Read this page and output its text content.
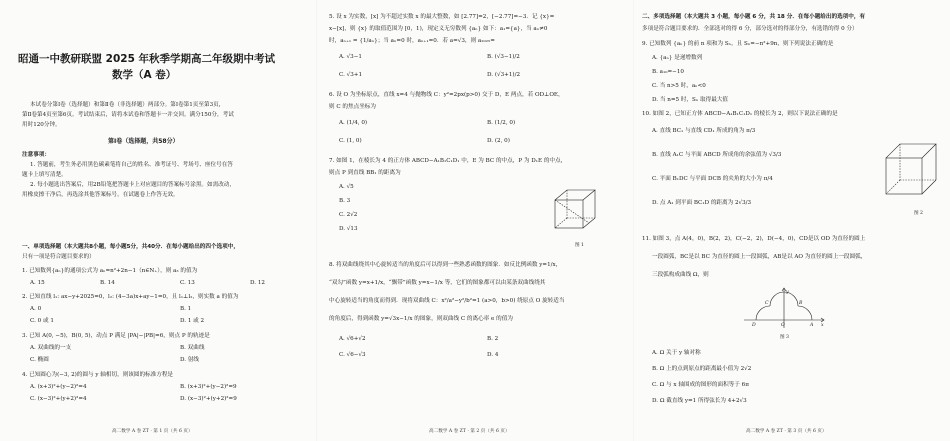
昭通一中教研联盟 2025 年秋季学期高二年级期中考试
数学（A 卷）
本试卷分第Ⅰ卷（选择题）和第Ⅱ卷（非选择题）两部分。第Ⅰ卷第1页至第3页，
第Ⅱ卷第4页至第6页。考试结束后，请将本试卷和答题卡一并交回。满分150分，考试
用时120分钟。
第Ⅰ卷（选择题，共58分）
注意事项：
1. 答题前，考生务必用黑色碳素笔将自己的姓名、准考证号、考场号、座位号在答
题卡上填写清楚。
2. 每小题选出答案后，用2B铅笔把答题卡上对应题目的答案标号涂黑。如需改动，
用橡皮擦干净后，再选涂其他答案标号。在试题卷上作答无效。
一、单项选择题（本大题共8小题，每小题5分，共40分．在每小题给出的四个选项中，
只有一项是符合题目要求的）
1. 已知数列{aₙ}的通项公式为 aₙ=n²+2n−1（n∈N₊），则 a₃ 的值为
A. 15	B. 14	C. 13	D. 12
2. 已知直线 l₁: ax−y+2025=0，l₂: (4−3a)x+ay−1=0，且 l₁⊥l₂，则实数 a 的值为
A. 0	B. 1
C. 0 或 1	D. 1 或 2
3. 已知 A(0, −5)，B(0, 5)，动点 P 满足 |PA|−|PB|=6，则点 P 的轨迹是
A. 双曲线的一支	B. 双曲线
C. 椭圆	D. 射线
4. 已知圆心为(−3, 2)的圆与 y 轴相切，则该圆的标准方程是
A. (x+3)²+(y−2)²=4	B. (x+3)²+(y−2)²=9
C. (x−3)²+(y+2)²=4	D. (x−3)²+(y+2)²=9
高二数学 A 卷 ZT · 第 1 页（共 6 页）
5. 设 x 为实数，[x] 为不超过实数 x 的最大整数，如 [2.77]=2，[−2.77]=−3．记 {x}=
x−[x]，则 {x} 的取值范围为 [0，1)，现定义无穷数列 {aₙ} 如下：a₁={a}，当 aₙ≠0
时，aₙ₊₁ = {1/aₙ}；当 aₙ=0 时，aₙ₊₁=0．若 a=√3，则 a₂₀₂₅=
A. √3−1	B. (√3−1)/2
C. √3+1	D. (√3+1)/2
6. 设 O 为坐标原点，直线 x=4 与抛物线 C：y²=2px(p>0) 交于 D，E 两点，若 OD⊥OE，
则 C 的焦点坐标为
A. (1/4, 0)	B. (1/2, 0)
C. (1, 0)	D. (2, 0)
7. 如图 1，在棱长为 4 的正方体 ABCD−A₁B₁C₁D₁ 中，E 为 BC 的中点，P 为 D₁E 的中点，
则点 P 到直线 BB₁ 的距离为
A. √5
B. 3
C. 2√2
D. √13
图 1
8. 将双曲线绕其中心旋转适当的角度后可以得到一些熟悉函数的图象．如反比例函数 y=1/x，
“双勾”函数 y=x+1/x，“飘带”函数 y=x−1/x 等，它们的图象都可以由某条双曲线绕其
中心旋转适当的角度而得到．现将双曲线 C：x²/a²−y²/b²=1 (a>0，b>0) 绕原点 O 旋转适当
的角度后，得到函数 y=√3x−1/x 的图象，则双曲线 C 的离心率 e 的值为
A. √6+√2	B. 2
C. √6−√3	D. 4
高二数学 A 卷 ZT · 第 2 页（共 6 页）
二、多项选择题（本大题共 3 小题，每小题 6 分，共 18 分．在每小题给出的选项中，有
多项是符合题目要求的．全部选对的得 6 分，部分选对的得部分分，有选错的得 0 分）
9. 已知数列 {aₙ} 的前 n 项和为 Sₙ，且 Sₙ=−n²+9n，则下列说法正确的是
A. {aₙ} 是递增数列
B. a₁₀=−10
C. 当 n>5 时，aₙ<0
D. 当 n=5 时，Sₙ 取得最大值
10. 如图 2，已知正方体 ABCD−A₁B₁C₁D₁ 的棱长为 2，则以下说法正确的是
A. 直线 BC₁ 与直线 CD₁ 所成的角为 π/3
B. 直线 A₁C 与平面 ABCD 所成角的余弦值为 √3/3
C. 平面 B₁DC 与平面 DCB 的夹角的大小为 π/4
D. 点 A₁ 到平面 BC₁D 的距离为 2√3/3
图 2
11. 如图 3，点 A(4，0)，B(2，2)，C(−2，2)，D(−4，0)，CD是以 OD 为直径的圆上
一段圆弧，BC是以 BC 为直径的圆上一段圆弧，AB是以 AO 为直径的圆上一段圆弧，
三段弧构成曲线 Ω，则
y
D	O	A x
C	B
图 3
A. Ω 关于 y 轴对称
B. Ω 上的点到原点的距离最小值为 2√2
C. Ω 与 x 轴围成的图形的面积等于 6π
D. Ω 截直线 y=1 所得弦长为 4+2√3
高二数学 A 卷 ZT · 第 3 页（共 6 页）
